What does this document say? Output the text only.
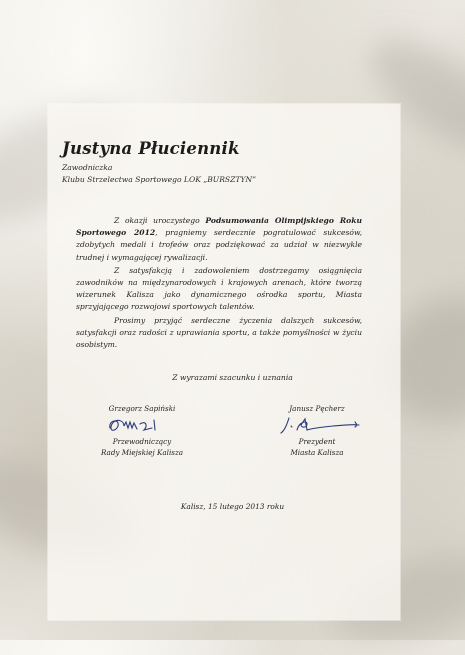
Justyna Płuciennik
Zawodniczka
Klubu Strzelectwa Sportowego LOK „BURSZTYN”

Z okazji uroczystego Podsumowania Olimpijskiego Roku Sportowego 2012, pragniemy serdecznie pogratulować sukcesów, zdobytych medali i trofeów oraz podziękować za udział w niezwykle trudnej i wymagającej rywalizacji.

Z satysfakcją i zadowoleniem dostrzegamy osiągnięcia zawodników na międzynarodowych i krajowych arenach, które tworzą wizerunek Kalisza jako dynamicznego ośrodka sportu, Miasta sprzyjającego rozwojowi sportowych talentów.

Prosimy przyjąć serdeczne życzenia dalszych sukcesów, satysfakcji oraz radości z uprawiania sportu, a także pomyślności w życiu osobistym.

Z wyrazami szacunku i uznania
Grzegorz Sapiński
Przewodniczący
Rady Miejskiej Kalisza
Janusz Pęcherz
Prezydent
Miasta Kalisza
Kalisz, 15 lutego 2013 roku
